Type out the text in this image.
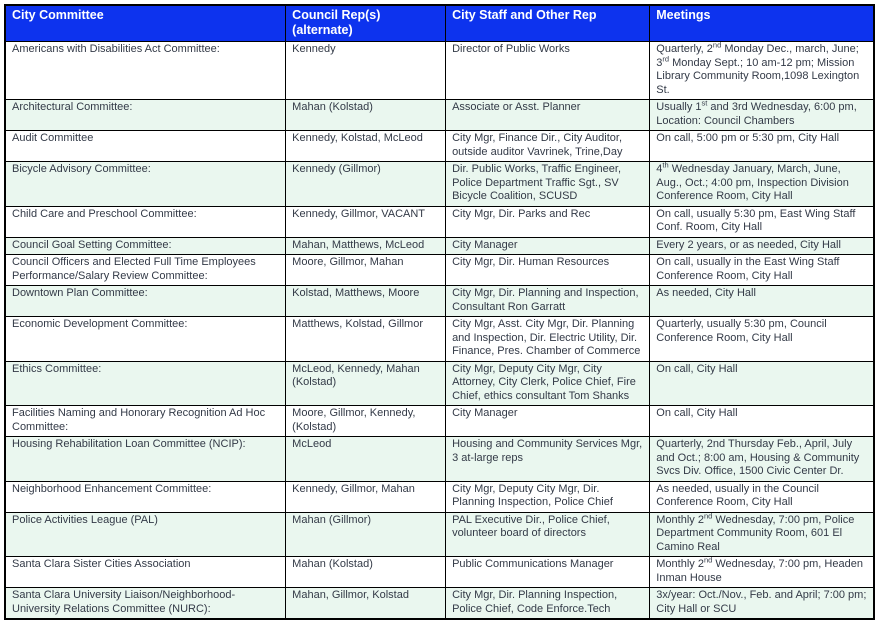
City Committee	Council Rep(s) (alternate)	City Staff and Other Rep	Meetings
Americans with Disabilities Act Committee:	Kennedy	Director of Public Works	Quarterly, 2nd Monday Dec., march, June; 3rd Monday Sept.; 10 am-12 pm; Mission Library Community Room,1098 Lexington St.
Architectural Committee:	Mahan (Kolstad)	Associate or Asst. Planner	Usually 1st and 3rd Wednesday, 6:00 pm, Location: Council Chambers
Audit Committee	Kennedy, Kolstad, McLeod	City Mgr, Finance Dir., City Auditor, outside auditor Vavrinek, Trine,Day	On call, 5:00 pm or 5:30 pm, City Hall
Bicycle Advisory Committee:	Kennedy (Gillmor)	Dir. Public Works, Traffic Engineer, Police Department Traffic Sgt., SV Bicycle Coalition, SCUSD	4th Wednesday January, March, June, Aug., Oct.; 4:00 pm, Inspection Division Conference Room, City Hall
Child Care and Preschool Committee:	Kennedy, Gillmor, VACANT	City Mgr, Dir. Parks and Rec	On call, usually 5:30 pm, East Wing Staff Conf. Room, City Hall
Council Goal Setting Committee:	Mahan, Matthews, McLeod	City Manager	Every 2 years, or as needed, City Hall
Council Officers and Elected Full Time Employees Performance/Salary Review Committee:	Moore, Gillmor, Mahan	City Mgr, Dir. Human Resources	On call, usually in the East Wing Staff Conference Room, City Hall
Downtown Plan Committee:	Kolstad, Matthews, Moore	City Mgr, Dir. Planning and Inspection, Consultant Ron Garratt	As needed, City Hall
Economic Development Committee:	Matthews, Kolstad, Gillmor	City Mgr, Asst. City Mgr, Dir. Planning and Inspection, Dir. Electric Utility, Dir. Finance, Pres. Chamber of Commerce	Quarterly, usually 5:30 pm, Council Conference Room, City Hall
Ethics Committee:	McLeod, Kennedy, Mahan (Kolstad)	City Mgr, Deputy City Mgr, City Attorney, City Clerk, Police Chief, Fire Chief, ethics consultant Tom Shanks	On call, City Hall
Facilities Naming and Honorary Recognition Ad Hoc Committee:	Moore, Gillmor, Kennedy, (Kolstad)	City Manager	On call, City Hall
Housing Rehabilitation Loan Committee (NCIP):	McLeod	Housing and Community Services Mgr, 3 at-large reps	Quarterly, 2nd Thursday Feb., April, July and Oct.; 8:00 am, Housing & Community Svcs Div. Office, 1500 Civic Center Dr.
Neighborhood Enhancement Committee:	Kennedy, Gillmor, Mahan	City Mgr, Deputy City Mgr, Dir. Planning Inspection, Police Chief	As needed, usually in the Council Conference Room, City Hall
Police Activities League (PAL)	Mahan (Gillmor)	PAL Executive Dir., Police Chief, volunteer board of directors	Monthly 2nd Wednesday, 7:00 pm, Police Department Community Room, 601 El Camino Real
Santa Clara Sister Cities Association	Mahan (Kolstad)	Public Communications Manager	Monthly 2nd Wednesday, 7:00 pm, Headen Inman House
Santa Clara University Liaison/Neighborhood-University Relations Committee (NURC):	Mahan, Gillmor, Kolstad	City Mgr, Dir. Planning Inspection, Police Chief, Code Enforce.Tech	3x/year: Oct./Nov., Feb. and April; 7:00 pm; City Hall or SCU
